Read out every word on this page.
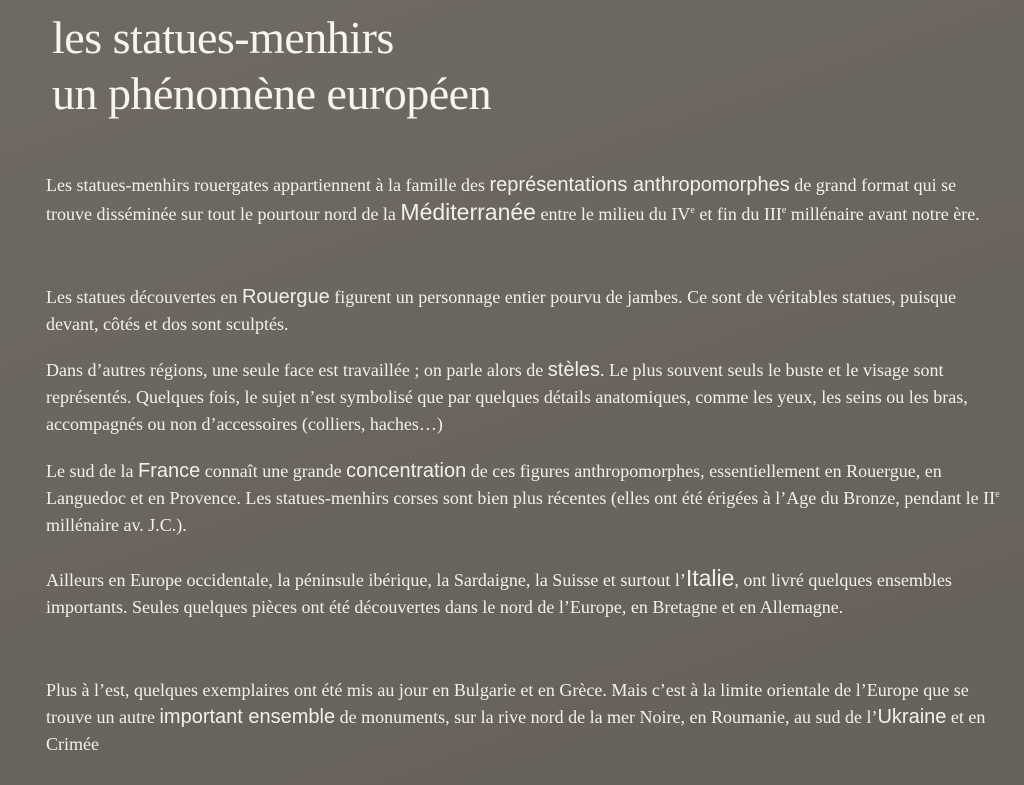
les statues-menhirs
un phénomène européen

Les statues-menhirs rouergates appartiennent à la famille des représentations anthropomorphes de grand format qui se trouve disséminée sur tout le pourtour nord de la Méditerranée entre le milieu du IVe et fin du IIIe millénaire avant notre ère.

Les statues découvertes en Rouergue figurent un personnage entier pourvu de jambes. Ce sont de véritables statues, puisque devant, côtés et dos sont sculptés.

Dans d’autres régions, une seule face est travaillée ; on parle alors de stèles. Le plus souvent seuls le buste et le visage sont représentés. Quelques fois, le sujet n’est symbolisé que par quelques détails anatomiques, comme les yeux, les seins ou les bras, accompagnés ou non d’accessoires (colliers, haches…)

Le sud de la France connaît une grande concentration de ces figures anthropomorphes, essentiellement en Rouergue, en Languedoc et en Provence. Les statues-menhirs corses sont bien plus récentes (elles ont été érigées à l’Age du Bronze, pendant le IIe millénaire av. J.C.).

Ailleurs en Europe occidentale, la péninsule ibérique, la Sardaigne, la Suisse et surtout l’Italie, ont livré quelques ensembles importants. Seules quelques pièces ont été découvertes dans le nord de l’Europe, en Bretagne et en Allemagne.

Plus à l’est, quelques exemplaires ont été mis au jour en Bulgarie et en Grèce. Mais c’est à la limite orientale de l’Europe que se trouve un autre important ensemble de monuments, sur la rive nord de la mer Noire, en Roumanie, au sud de l’Ukraine et en Crimée
